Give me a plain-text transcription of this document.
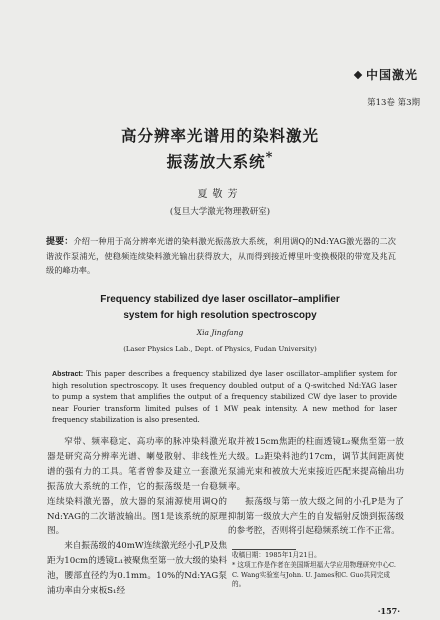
中国激光
第13卷 第3期
高分辨率光谱用的染料激光
振荡放大系统*
夏敬芳
(复旦大学激光物理教研室)
提要：介绍一种用于高分辨率光谱的染料激光振荡放大系统，利用调Q的Nd:YAG激光器的二次谐波作泵浦光，使稳频连续染料激光输出获得放大，从而得到接近傅里叶变换极限的带宽及兆瓦级的峰功率。
Frequency stabilized dye laser oscillator–amplifier
system for high resolution spectroscopy
Xia Jingfang
(Laser Physics Lab., Dept. of Physics, Fudan University)
Abstract: This paper describes a frequency stabilized dye laser oscillator–amplifier system for high resolution spectroscopy. It uses frequency doubled output of a Q-switched Nd:YAG laser to pump a system that amplifies the output of a frequency stabilized CW dye laser to provide near Fourier transform limited pulses of 1 MW peak intensity. A new method for laser frequency stabilization is also presented.

窄带、频率稳定、高功率的脉冲染料激光器是研究高分辨率光谱、喇曼散射、非线性光谱的强有力的工具。笔者曾参及建立一套激光振荡放大系统的工作，它的振荡级是一台稳频连续染料激光器，放大器的泵浦源使用调Q的Nd:YAG的二次谐波输出。图1是该系统的原理图。

来自振荡级的40mW连续激光经小孔P及焦距为10cm的透镜L₁被聚焦至第一放大级的染料池，腰部直径约为0.1mm。10%的Nd:YAG泵浦功率由分束板S₁经

取并被15cm焦距的柱面透镜L₂聚焦至第一放大级。L₂距染料池约17cm，调节其间距离使泵浦光束和被放大光束接近匹配来提高输出功率。

振荡级与第一放大级之间的小孔P是为了抑制第一级放大产生的自发辐射反馈到振荡级的参考腔，否则将引起稳频系统工作不正常。

收稿日期：1985年1月21日。
* 这项工作是作者在美国斯坦福大学应用物理研究中心C. C. Wang实验室与John. U. James和C. Guo共同完成的。
·157·
